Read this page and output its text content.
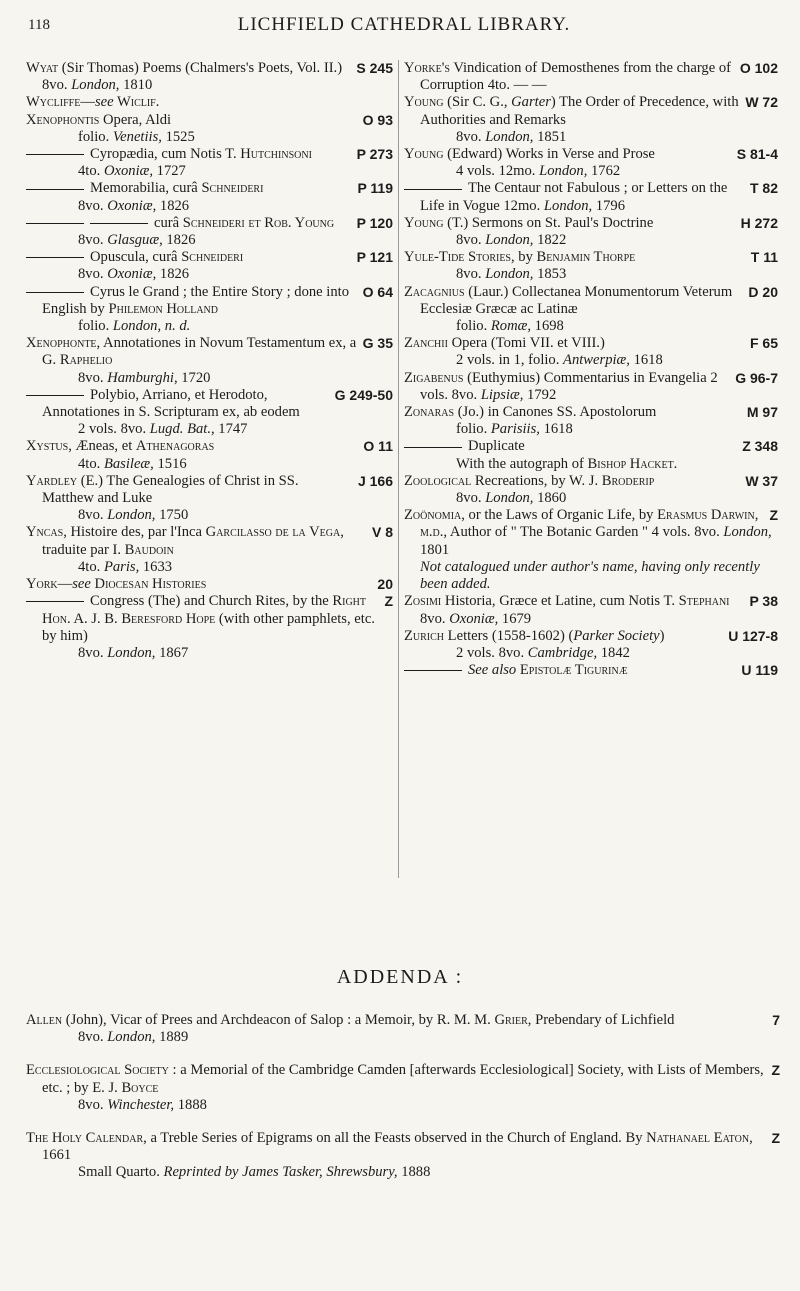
118	LICHFIELD CATHEDRAL LIBRARY.
S 245
Wyat (Sir Thomas) Poems (Chalmers's Poets, Vol. II.) 8vo. London, 1810
Wycliffe—see Wiclif.
O 93
Xenophontis Opera, Aldi
folio. Venetiis, 1525
P 273
Cyropædia, cum Notis T. Hutchinsoni
4to. Oxoniæ, 1727
P 119
Memorabilia, curâ Schneideri
8vo. Oxoniæ, 1826
P 120
curâ Schneideri et Rob. Young
8vo. Glasguæ, 1826
P 121
Opuscula, curâ Schneideri
8vo. Oxoniæ, 1826
O 64
Cyrus le Grand ; the Entire Story ; done into English by Philemon Holland
folio. London, n. d.
G 35
Xenophonte, Annotationes in Novum Testamentum ex, a G. Raphelio
8vo. Hamburghi, 1720
G 249-50
Polybio, Arriano, et Herodoto, Annotationes in S. Scripturam ex, ab eodem
2 vols. 8vo. Lugd. Bat., 1747
O 11
Xystus, Æneas, et Athenagoras
4to. Basileæ, 1516
J 166
Yardley (E.) The Genealogies of Christ in SS. Matthew and Luke
8vo. London, 1750
V 8
Yncas, Histoire des, par l'Inca Garcilasso de la Vega, traduite par I. Baudoin
4to. Paris, 1633
20
York—see Diocesan Histories
Z
Congress (The) and Church Rites, by the Right Hon. A. J. B. Beresford Hope (with other pamphlets, etc. by him)
8vo. London, 1867
O 102
Yorke's Vindication of Demosthenes from the charge of Corruption 4to. — —
W 72
Young (Sir C. G., Garter) The Order of Precedence, with Authorities and Remarks
8vo. London, 1851
S 81-4
Young (Edward) Works in Verse and Prose
4 vols. 12mo. London, 1762
T 82
The Centaur not Fabulous ; or Letters on the Life in Vogue 12mo. London, 1796
H 272
Young (T.) Sermons on St. Paul's Doctrine
8vo. London, 1822
T 11
Yule-Tide Stories, by Benjamin Thorpe
8vo. London, 1853
D 20
Zacagnius (Laur.) Collectanea Monumentorum Veterum Ecclesiæ Græcæ ac Latinæ
folio. Romæ, 1698
F 65
Zanchii Opera (Tomi VII. et VIII.)
2 vols. in 1, folio. Antwerpiæ, 1618
G 96-7
Zigabenus (Euthymius) Commentarius in Evangelia 2 vols. 8vo. Lipsiæ, 1792
M 97
Zonaras (Jo.) in Canones SS. Apostolorum
folio. Parisiis, 1618
Z 348
Duplicate
With the autograph of Bishop Hacket.
W 37
Zoological Recreations, by W. J. Broderip
8vo. London, 1860
Z
Zoönomia, or the Laws of Organic Life, by Erasmus Darwin, m.d., Author of " The Botanic Garden " 4 vols. 8vo. London, 1801
Not catalogued under author's name, having only recently been added.
P 38
Zosimi Historia, Græce et Latine, cum Notis T. Stephani 8vo. Oxoniæ, 1679
U 127-8
Zurich Letters (1558-1602) (Parker Society)
2 vols. 8vo. Cambridge, 1842
U 119
See also Epistolæ Tigurinæ
ADDENDA :
7
Allen (John), Vicar of Prees and Archdeacon of Salop : a Memoir, by R. M. M. Grier, Prebendary of Lichfield
8vo. London, 1889
Z
Ecclesiological Society : a Memorial of the Cambridge Camden [afterwards Ecclesiological] Society, with Lists of Members, etc. ; by E. J. Boyce
8vo. Winchester, 1888
Z
The Holy Calendar, a Treble Series of Epigrams on all the Feasts observed in the Church of England. By Nathanael Eaton, 1661
Small Quarto. Reprinted by James Tasker, Shrewsbury, 1888
